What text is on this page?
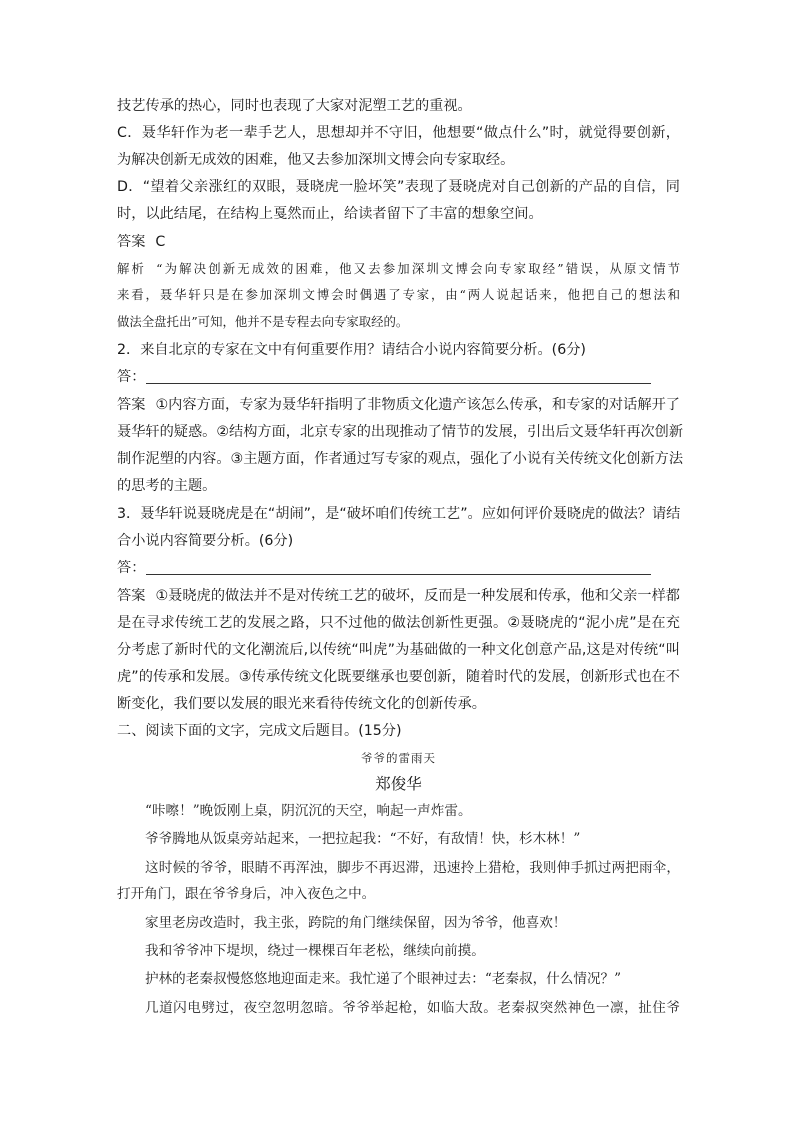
技艺传承的热心，同时也表现了大家对泥塑工艺的重视。
C．聂华轩作为老一辈手艺人，思想却并不守旧，他想要“做点什么”时，就觉得要创新，
为解决创新无成效的困难，他又去参加深圳文博会向专家取经。
D．“望着父亲涨红的双眼，聂晓虎一脸坏笑”表现了聂晓虎对自己创新的产品的自信，同
时，以此结尾，在结构上戛然而止，给读者留下了丰富的想象空间。
答案 C
解析 “为解决创新无成效的困难，他又去参加深圳文博会向专家取经”错误，从原文情节
来看，聂华轩只是在参加深圳文博会时偶遇了专家，由“两人说起话来，他把自己的想法和
做法全盘托出”可知，他并不是专程去向专家取经的。
2．来自北京的专家在文中有何重要作用？请结合小说内容简要分析。(6分)
答：
答案 ①内容方面，专家为聂华轩指明了非物质文化遗产该怎么传承，和专家的对话解开了
聂华轩的疑惑。②结构方面，北京专家的出现推动了情节的发展，引出后文聂华轩再次创新
制作泥塑的内容。③主题方面，作者通过写专家的观点，强化了小说有关传统文化创新方法
的思考的主题。
3．聂华轩说聂晓虎是在“胡闹”，是“破坏咱们传统工艺”。应如何评价聂晓虎的做法？请结
合小说内容简要分析。(6分)
答：
答案 ①聂晓虎的做法并不是对传统工艺的破坏，反而是一种发展和传承，他和父亲一样都
是在寻求传统工艺的发展之路，只不过他的做法创新性更强。②聂晓虎的“泥小虎”是在充
分考虑了新时代的文化潮流后,以传统“叫虎”为基础做的一种文化创意产品,这是对传统“叫
虎”的传承和发展。③传承传统文化既要继承也要创新，随着时代的发展，创新形式也在不
断变化，我们要以发展的眼光来看待传统文化的创新传承。
二、阅读下面的文字，完成文后题目。(15分)
爷爷的雷雨天
郑俊华
“咔嚓！”晚饭刚上桌，阴沉沉的天空，响起一声炸雷。
爷爷腾地从饭桌旁站起来，一把拉起我：“不好，有敌情！快，杉木林！”
这时候的爷爷，眼睛不再浑浊，脚步不再迟滞，迅速拎上猎枪，我则伸手抓过两把雨伞，
打开角门，跟在爷爷身后，冲入夜色之中。
家里老房改造时，我主张，跨院的角门继续保留，因为爷爷，他喜欢！
我和爷爷冲下堤坝，绕过一棵棵百年老松，继续向前摸。
护林的老秦叔慢悠悠地迎面走来。我忙递了个眼神过去：“老秦叔，什么情况？”
几道闪电劈过，夜空忽明忽暗。爷爷举起枪，如临大敌。老秦叔突然神色一凛，扯住爷
